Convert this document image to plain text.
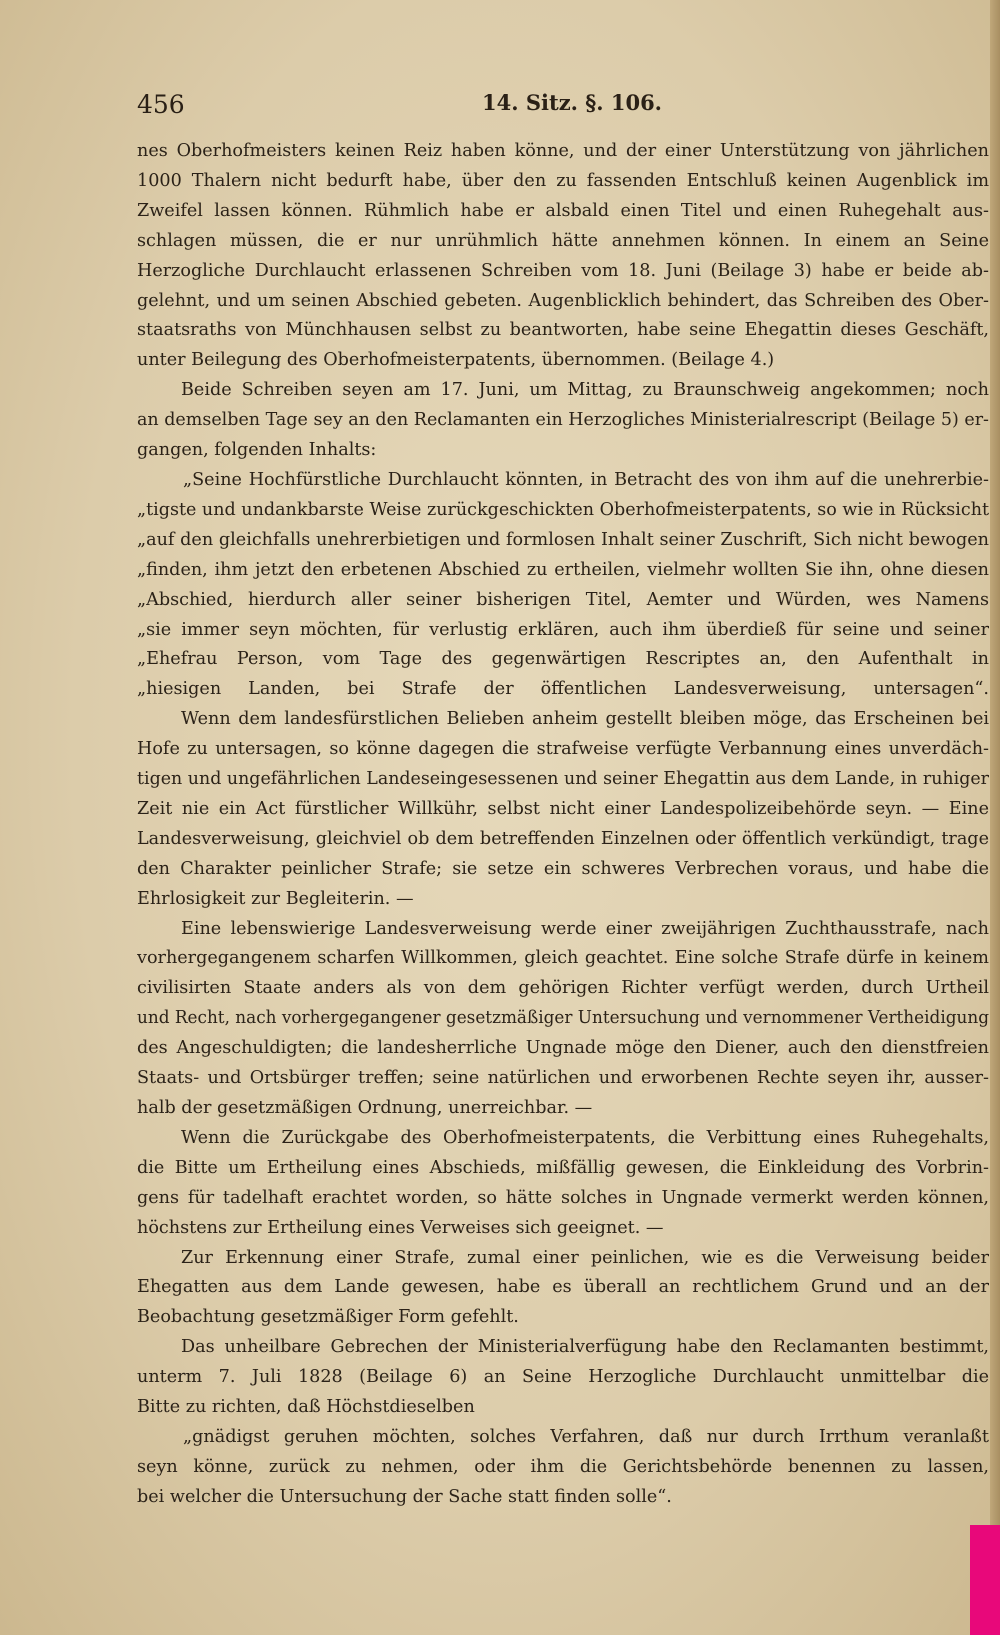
456	14. Sitz. §. 106.
nes Oberhofmeisters keinen Reiz haben könne, und der einer Unterstützung von jährlichen
1000 Thalern nicht bedurft habe, über den zu fassenden Entschluß keinen Augenblick im
Zweifel lassen können. Rühmlich habe er alsbald einen Titel und einen Ruhegehalt aus-
schlagen müssen, die er nur unrühmlich hätte annehmen können. In einem an Seine
Herzogliche Durchlaucht erlassenen Schreiben vom 18. Juni (Beilage 3) habe er beide ab-
gelehnt, und um seinen Abschied gebeten. Augenblicklich behindert, das Schreiben des Ober-
staatsraths von Münchhausen selbst zu beantworten, habe seine Ehegattin dieses Geschäft,
unter Beilegung des Oberhofmeisterpatents, übernommen. (Beilage 4.)
Beide Schreiben seyen am 17. Juni, um Mittag, zu Braunschweig angekommen; noch
an demselben Tage sey an den Reclamanten ein Herzogliches Ministerialrescript (Beilage 5) er-
gangen, folgenden Inhalts:
„Seine Hochfürstliche Durchlaucht könnten, in Betracht des von ihm auf die unehrerbie-
„tigste und undankbarste Weise zurückgeschickten Oberhofmeisterpatents, so wie in Rücksicht
„auf den gleichfalls unehrerbietigen und formlosen Inhalt seiner Zuschrift, Sich nicht bewogen
„finden, ihm jetzt den erbetenen Abschied zu ertheilen, vielmehr wollten Sie ihn, ohne diesen
„Abschied, hierdurch aller seiner bisherigen Titel, Aemter und Würden, wes Namens
„sie immer seyn möchten, für verlustig erklären, auch ihm überdieß für seine und seiner
„Ehefrau Person, vom Tage des gegenwärtigen Rescriptes an, den Aufenthalt in
„hiesigen Landen, bei Strafe der öffentlichen Landesverweisung, untersagen“.
Wenn dem landesfürstlichen Belieben anheim gestellt bleiben möge, das Erscheinen bei
Hofe zu untersagen, so könne dagegen die strafweise verfügte Verbannung eines unverdäch-
tigen und ungefährlichen Landeseingesessenen und seiner Ehegattin aus dem Lande, in ruhiger
Zeit nie ein Act fürstlicher Willkühr, selbst nicht einer Landespolizeibehörde seyn. — Eine
Landesverweisung, gleichviel ob dem betreffenden Einzelnen oder öffentlich verkündigt, trage
den Charakter peinlicher Strafe; sie setze ein schweres Verbrechen voraus, und habe die
Ehrlosigkeit zur Begleiterin. —
Eine lebenswierige Landesverweisung werde einer zweijährigen Zuchthausstrafe, nach
vorhergegangenem scharfen Willkommen, gleich geachtet. Eine solche Strafe dürfe in keinem
civilisirten Staate anders als von dem gehörigen Richter verfügt werden, durch Urtheil
und Recht, nach vorhergegangener gesetzmäßiger Untersuchung und vernommener Vertheidigung
des Angeschuldigten; die landesherrliche Ungnade möge den Diener, auch den dienstfreien
Staats- und Ortsbürger treffen; seine natürlichen und erworbenen Rechte seyen ihr, ausser-
halb der gesetzmäßigen Ordnung, unerreichbar. —
Wenn die Zurückgabe des Oberhofmeisterpatents, die Verbittung eines Ruhegehalts,
die Bitte um Ertheilung eines Abschieds, mißfällig gewesen, die Einkleidung des Vorbrin-
gens für tadelhaft erachtet worden, so hätte solches in Ungnade vermerkt werden können,
höchstens zur Ertheilung eines Verweises sich geeignet. —
Zur Erkennung einer Strafe, zumal einer peinlichen, wie es die Verweisung beider
Ehegatten aus dem Lande gewesen, habe es überall an rechtlichem Grund und an der
Beobachtung gesetzmäßiger Form gefehlt.
Das unheilbare Gebrechen der Ministerialverfügung habe den Reclamanten bestimmt,
unterm 7. Juli 1828 (Beilage 6) an Seine Herzogliche Durchlaucht unmittelbar die
Bitte zu richten, daß Höchstdieselben
„gnädigst geruhen möchten, solches Verfahren, daß nur durch Irrthum veranlaßt
seyn könne, zurück zu nehmen, oder ihm die Gerichtsbehörde benennen zu lassen,
bei welcher die Untersuchung der Sache statt finden solle“.
